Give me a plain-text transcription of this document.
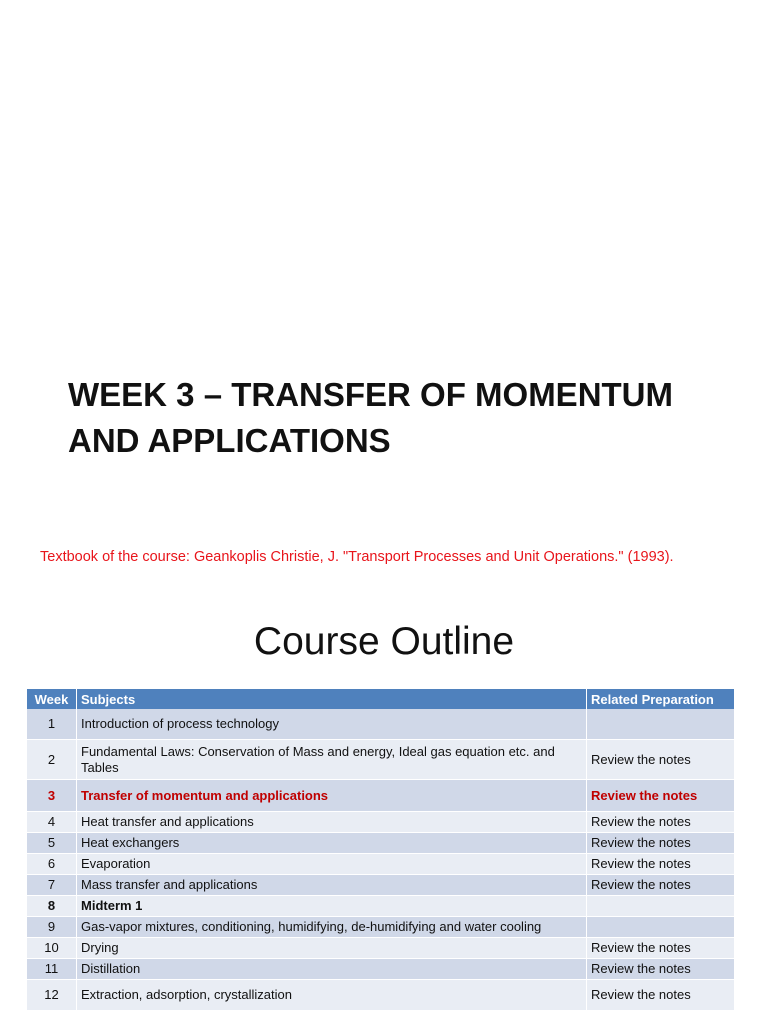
WEEK 3 – TRANSFER OF MOMENTUM
AND APPLICATIONS

Textbook of the course: Geankoplis Christie, J. "Transport Processes and Unit Operations." (1993).

Course Outline
Week	Subjects	Related Preparation
1	Introduction of process technology	
2	Fundamental Laws: Conservation of Mass and energy, Ideal gas equation etc. and Tables	Review the notes
3	Transfer of momentum and applications	Review the notes
4	Heat transfer and applications	Review the notes
5	Heat exchangers	Review the notes
6	Evaporation	Review the notes
7	Mass transfer and applications	Review the notes
8	Midterm 1	
9	Gas-vapor mixtures, conditioning, humidifying, de-humidifying and water cooling	
10	Drying	Review the notes
11	Distillation	Review the notes
12	Extraction, adsorption, crystallization	Review the notes
